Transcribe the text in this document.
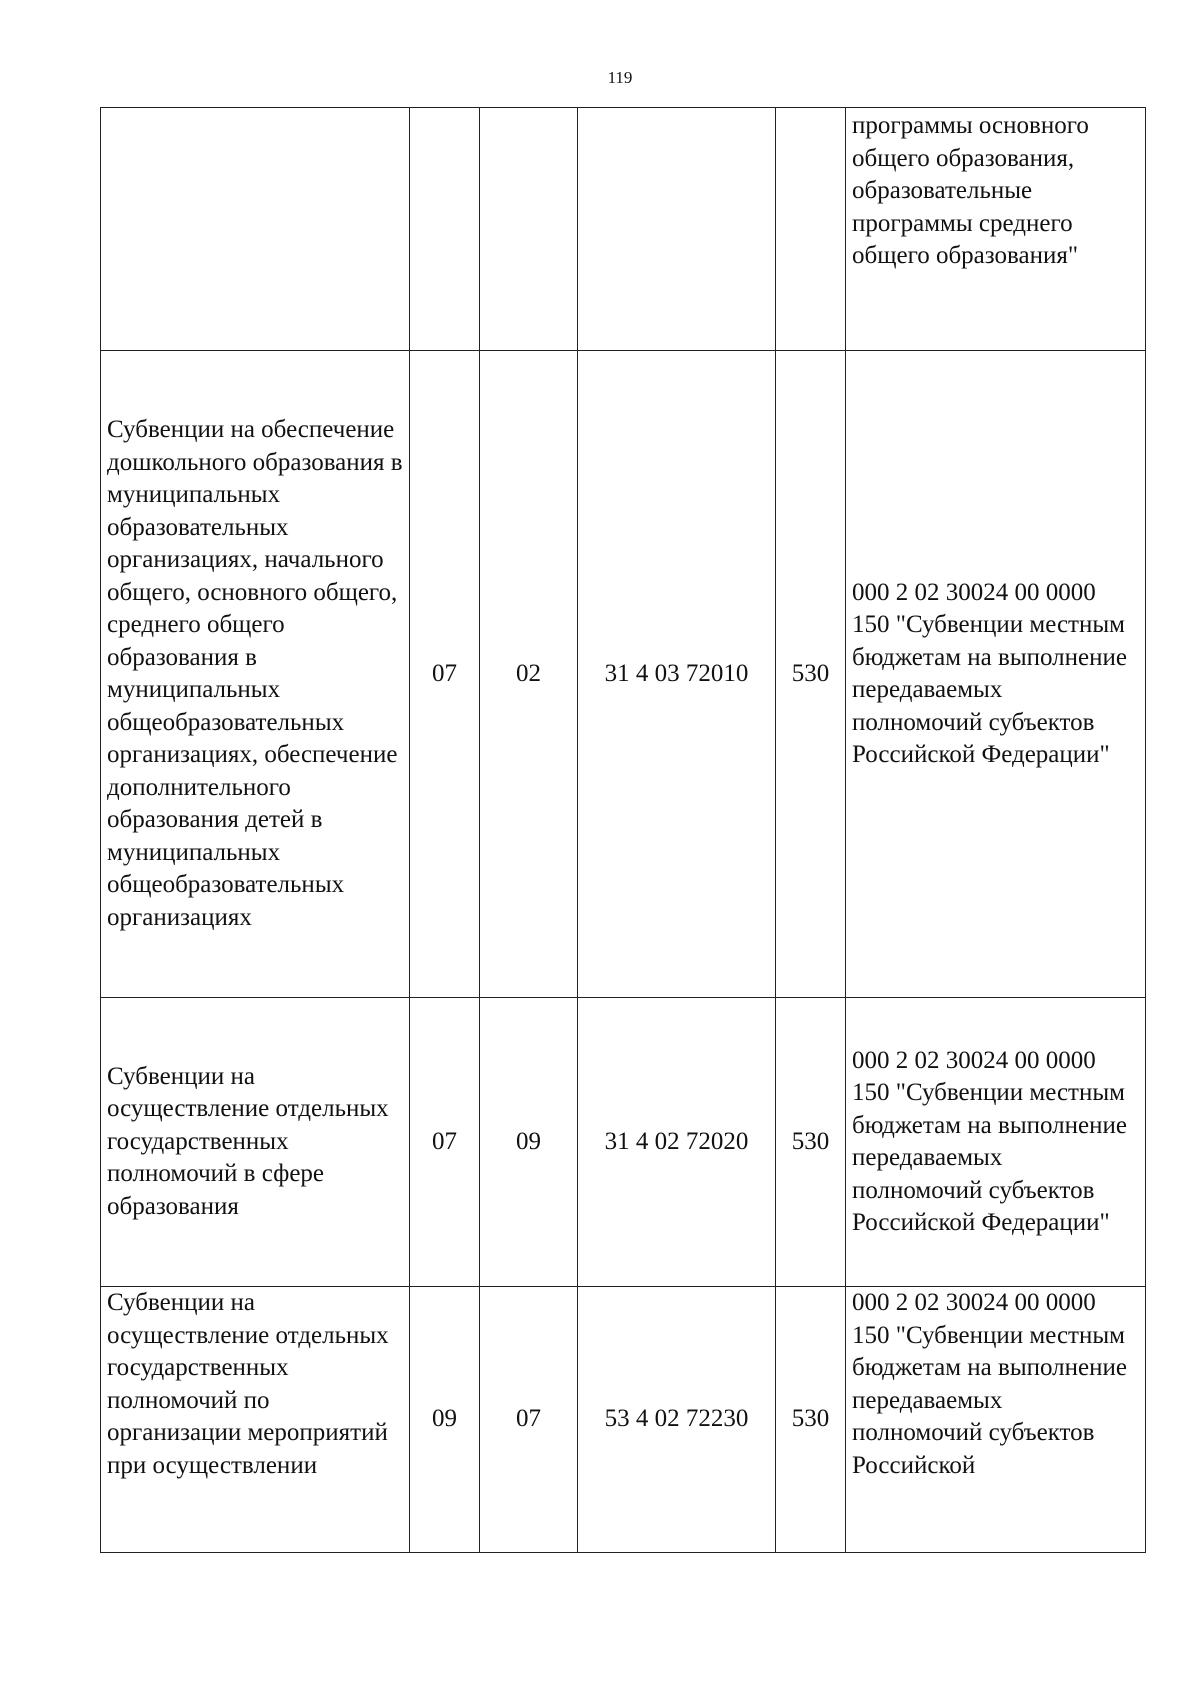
119
					программы основного общего образования, образовательные программы среднего общего образования"
Субвенции на обеспечение дошкольного образования в муниципальных образовательных организациях, начального общего, основного общего, среднего общего образования в муниципальных общеобразовательных организациях, обеспечение дополнительного образования детей в муниципальных общеобразовательных организациях	07	02	31 4 03 72010	530	000 2 02 30024 00 0000 150 "Субвенции местным бюджетам на выполнение передаваемых полномочий субъектов Российской Федерации"
Субвенции на осуществление отдельных государственных полномочий в сфере образования	07	09	31 4 02 72020	530	000 2 02 30024 00 0000 150 "Субвенции местным бюджетам на выполнение передаваемых полномочий субъектов Российской Федерации"

Субвенции на осуществление отдельных государственных полномочий по организации мероприятий при осуществлении	09	07	53 4 02 72230	530	000 2 02 30024 00 0000 150 "Субвенции местным бюджетам на выполнение передаваемых полномочий субъектов Российской
